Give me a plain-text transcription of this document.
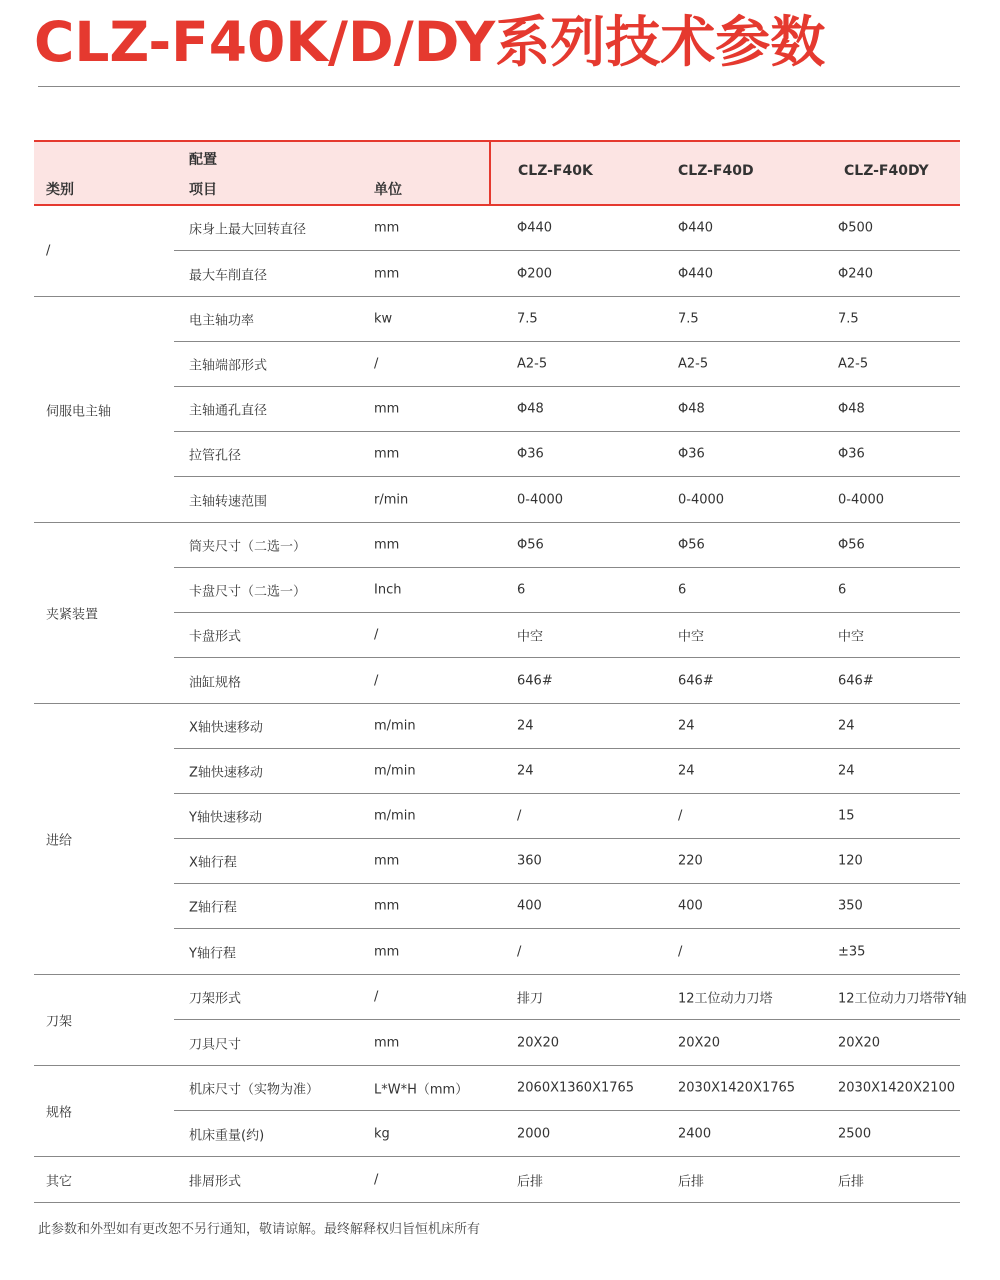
CLZ-F40K/D/DY系列技术参数
配置
类别	项目	单位
CLZ-F40K	CLZ-F40D	CLZ-F40DY
/
床身上最大回转直径	mm	Φ440	Φ440	Φ500
最大车削直径	mm	Φ200	Φ440	Φ240
伺服电主轴
电主轴功率	kw	7.5	7.5	7.5
主轴端部形式	/	A2-5	A2-5	A2-5
主轴通孔直径	mm	Φ48	Φ48	Φ48
拉管孔径	mm	Φ36	Φ36	Φ36
主轴转速范围	r/min	0-4000	0-4000	0-4000
夹紧装置
筒夹尺寸（二选一）	mm	Φ56	Φ56	Φ56
卡盘尺寸（二选一）	Inch	6	6	6
卡盘形式	/	中空	中空	中空
油缸规格	/	646#	646#	646#
进给
X轴快速移动	m/min	24	24	24
Z轴快速移动	m/min	24	24	24
Y轴快速移动	m/min	/	/	15
X轴行程	mm	360	220	120
Z轴行程	mm	400	400	350
Y轴行程	mm	/	/	±35
刀架
刀架形式	/	排刀	12工位动力刀塔	12工位动力刀塔带Y轴
刀具尺寸	mm	20X20	20X20	20X20
规格
机床尺寸（实物为准）	L*W*H（mm）	2060X1360X1765	2030X1420X1765	2030X1420X2100
机床重量(约)	kg	2000	2400	2500
其它	排屑形式	/	后排	后排	后排
此参数和外型如有更改恕不另行通知，敬请谅解。最终解释权归旨恒机床所有
